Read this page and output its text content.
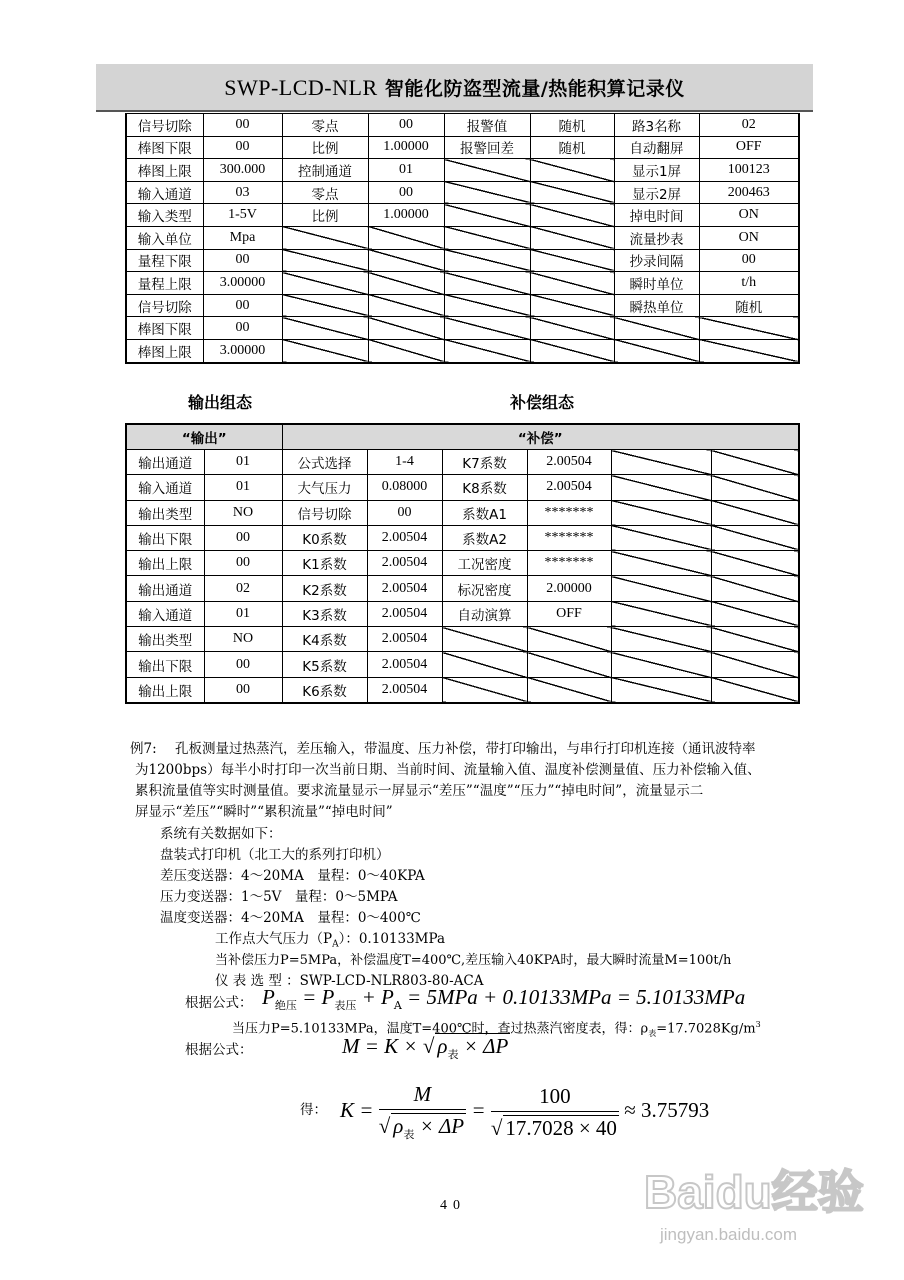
SWP-LCD-NLR 智能化防盗型流量/热能积算记录仪
信号切除	00	零点	00	报警值	随机	路3名称	02
棒图下限	00	比例	1.00000	报警回差	随机	自动翻屏	OFF
棒图上限	300.000	控制通道	01			显示1屏	100123
输入通道	03	零点	00			显示2屏	200463
输入类型	1-5V	比例	1.00000			掉电时间	ON
输入单位	Mpa					流量抄表	ON
量程下限	00					抄录间隔	00
量程上限	3.00000					瞬时单位	t/h
信号切除	00					瞬热单位	随机
棒图下限	00						
棒图上限	3.00000						
输出组态	补偿组态
“输出”		“补偿”					
输出通道	01	公式选择	1-4	K7系数	2.00504		
输入通道	01	大气压力	0.08000	K8系数	2.00504		
输出类型	NO	信号切除	00	系数A1	*******		
输出下限	00	K0系数	2.00504	系数A2	*******		
输出上限	00	K1系数	2.00504	工况密度	*******		
输出通道	02	K2系数	2.00504	标况密度	2.00000		
输入通道	01	K3系数	2.00504	自动演算	OFF		
输出类型	NO	K4系数	2.00504				
输出下限	00	K5系数	2.00504				
输出上限	00	K6系数	2.00504				
例7: 孔板测量过热蒸汽，差压输入，带温度、压力补偿，带打印输出，与串行打印机连接（通讯波特率
为1200bps）每半小时打印一次当前日期、当前时间、流量输入值、温度补偿测量值、压力补偿输入值、
累积流量值等实时测量值。要求流量显示一屏显示“差压”“温度”“压力”“掉电时间”，流量显示二
屏显示“差压”“瞬时”“累积流量”“掉电时间”
系统有关数据如下：
盘装式打印机（北工大的系列打印机）
差压变送器：4～20MA　量程：0～40KPA
压力变送器：1～5V　量程：0～5MPA
温度变送器：4～20MA　量程：0～400℃
工作点大气压力$(P_A)$：0.10133MPa
当补偿压力P=5MPa，补偿温度T=400℃,差压输入40KPA时，最大瞬时流量M=100t/h
仪 表 选 型 ：SWP-LCD-NLR803-80-ACA
根据公式： $P_{绝压} = P_{表压} + P_A = 5MPa + 0.10133MPa = 5.10133MPa$
当压力P=5.10133MPa，温度T=400℃时，查过热蒸汽密度表，得：$\rho_表=17.7028Kg/m^3$
根据公式：	M = K × √ $\rho_表 \times \Delta P$
得： $K = \frac{M}{√ \rho_表 \times \Delta P} = \frac{100}{√ 17.7028 \times 40} \approx 3.75793$
40	Baidu经验
jingyan.baidu.com
